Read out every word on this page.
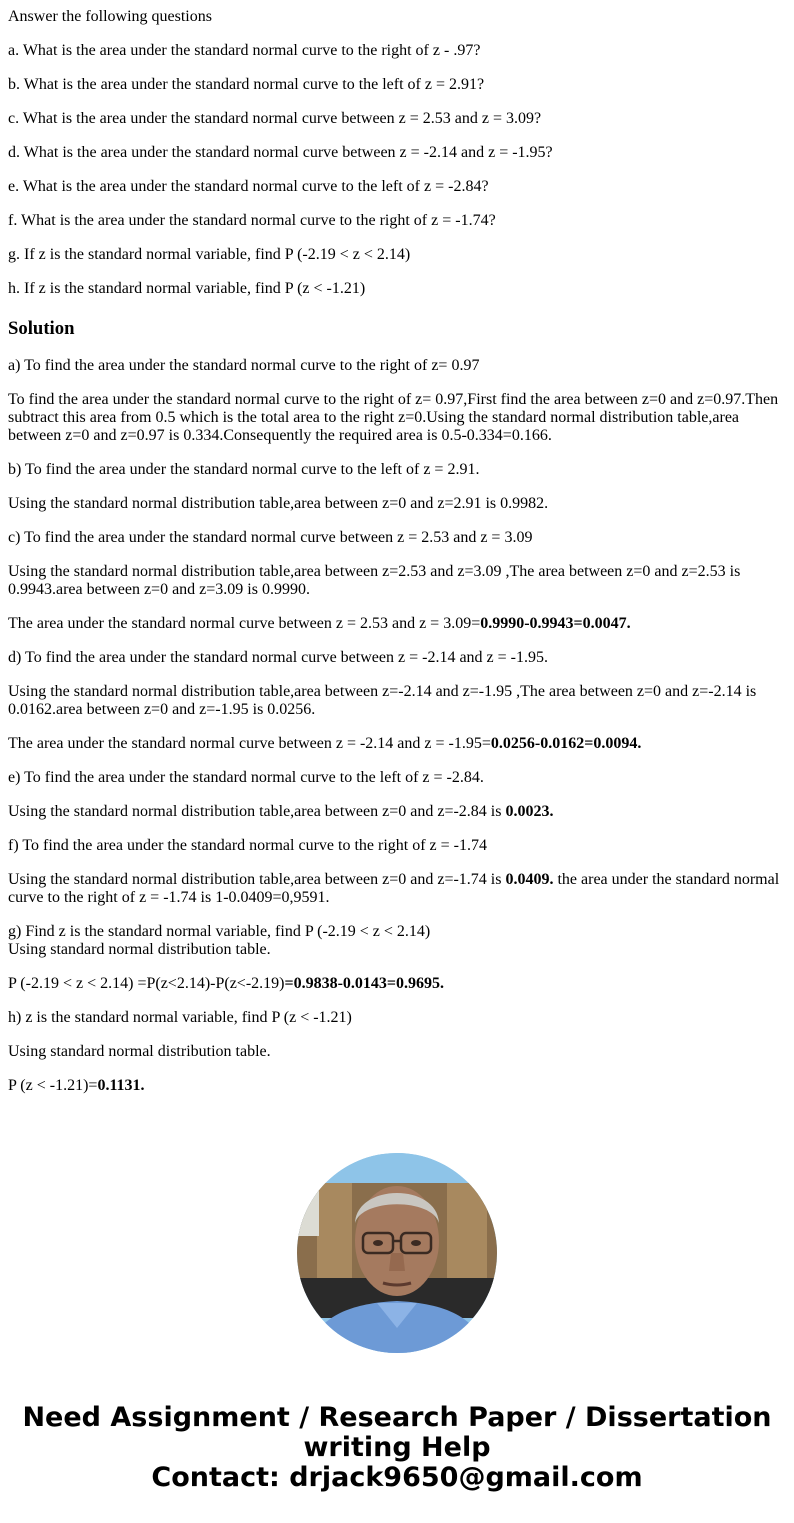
Answer the following questions

a. What is the area under the standard normal curve to the right of z - .97?

b. What is the area under the standard normal curve to the left of z = 2.91?

c. What is the area under the standard normal curve between z = 2.53 and z = 3.09?

d. What is the area under the standard normal curve between z = -2.14 and z = -1.95?

e. What is the area under the standard normal curve to the left of z = -2.84?

f. What is the area under the standard normal curve to the right of z = -1.74?

g. If z is the standard normal variable, find P (-2.19 < z < 2.14)

h. If z is the standard normal variable, find P (z < -1.21)

Solution

a) To find the area under the standard normal curve to the right of z= 0.97

To find the area under the standard normal curve to the right of z= 0.97,First find the area between z=0 and z=0.97.Then subtract this area from 0.5 which is the total area to the right z=0.Using the standard normal distribution table,area between z=0 and z=0.97 is 0.334.Consequently the required area is 0.5-0.334=0.166.

b) To find the area under the standard normal curve to the left of z = 2.91.

Using the standard normal distribution table,area between z=0 and z=2.91 is 0.9982.

c) To find the area under the standard normal curve between z = 2.53 and z = 3.09

Using the standard normal distribution table,area between z=2.53 and z=3.09 ,The area between z=0 and z=2.53 is 0.9943.area between z=0 and z=3.09 is 0.9990.

The area under the standard normal curve between z = 2.53 and z = 3.09=0.9990-0.9943=0.0047.

d) To find the area under the standard normal curve between z = -2.14 and z = -1.95.

Using the standard normal distribution table,area between z=-2.14 and z=-1.95 ,The area between z=0 and z=-2.14 is 0.0162.area between z=0 and z=-1.95 is 0.0256.

The area under the standard normal curve between z = -2.14 and z = -1.95=0.0256-0.0162=0.0094.

e) To find the area under the standard normal curve to the left of z = -2.84.

Using the standard normal distribution table,area between z=0 and z=-2.84 is 0.0023.

f) To find the area under the standard normal curve to the right of z = -1.74

Using the standard normal distribution table,area between z=0 and z=-1.74 is 0.0409. the area under the standard normal curve to the right of z = -1.74 is 1-0.0409=0,9591.

g) Find z is the standard normal variable, find P (-2.19 < z < 2.14)

Using standard normal distribution table.

P (-2.19 < z < 2.14) =P(z<2.14)-P(z<-2.19)=0.9838-0.0143=0.9695.

h) z is the standard normal variable, find P (z < -1.21)

Using standard normal distribution table.

P (z < -1.21)=0.1131.

Need Assignment / Research Paper / Dissertation
writing Help
Contact: drjack9650@gmail.com
